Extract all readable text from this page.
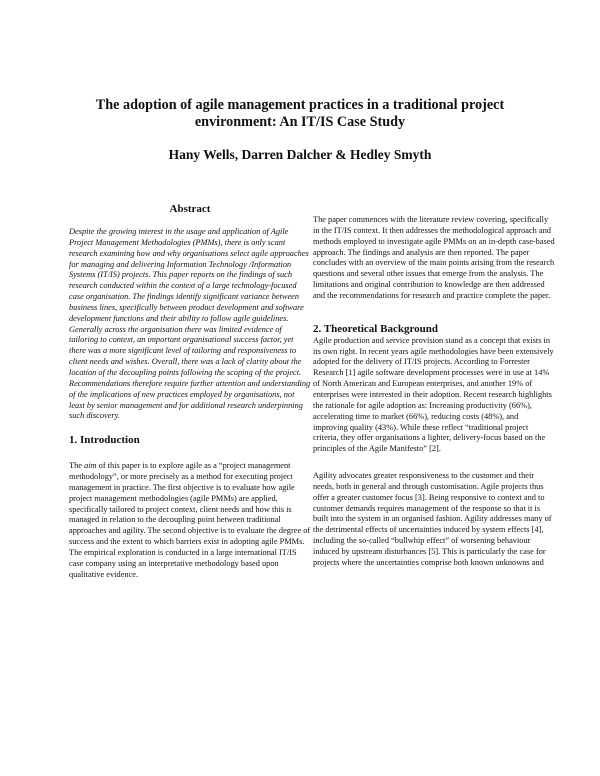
The adoption of agile management practices in a traditional project
environment: An IT/IS Case Study
Hany Wells, Darren Dalcher & Hedley Smyth
Abstract

Despite the growing interest in the usage and application of Agile Project Management Methodologies (PMMs), there is only scant research examining how and why organisations select agile approaches for managing and delivering Information Technology /Information Systems (IT/IS) projects. This paper reports on the findings of such research conducted within the context of a large technology-focused case organisation. The findings identify significant variance between business lines, specifically between product development and software development functions and their ability to follow agile guidelines. Generally across the organisation there was limited evidence of tailoring to context, an important organisational success factor, yet there was a more significant level of tailoring and responsiveness to client needs and wishes. Overall, there was a lack of clarity about the location of the decoupling points following the scoping of the project. Recommendations therefore require further attention and understanding of the implications of new practices employed by organisations, not least by senior management and for additional research underpinning such discovery.

1. Introduction

The aim of this paper is to explore agile as a “project management methodology”, or more precisely as a method for executing project management in practice. The first objective is to evaluate how agile project management methodologies (agile PMMs) are applied, specifically tailored to project context, client needs and how this is managed in relation to the decoupling point between traditional approaches and agility. The second objective is to evaluate the degree of success and the extent to which barriers exist in adopting agile PMMs. The empirical exploration is conducted in a large international IT/IS case company using an interpretative methodology based upon qualitative evidence.

The paper commences with the literature review covering, specifically in the IT/IS context. It then addresses the methodological approach and methods employed to investigate agile PMMs on an in-depth case-based approach. The findings and analysis are then reported. The paper concludes with an overview of the main points arising from the research questions and several other issues that emerge from the analysis. The limitations and original contribution to knowledge are then addressed and the recommendations for research and practice complete the paper.

2. Theoretical Background

Agile production and service provision stand as a concept that exists in its own right. In recent years agile methodologies have been extensively adopted for the delivery of IT/IS projects. According to Forrester Research [1] agile software development processes were in use at 14% of North American and European enterprises, and another 19% of enterprises were interested in their adoption. Recent research highlights the rationale for agile adoption as: Increasing productivity (66%), accelerating time to market (66%), reducing costs (48%), and improving quality (43%). While these reflect “traditional project criteria, they offer organisations a lighter, delivery-focus based on the principles of the Agile Manifesto” [2].

Agility advocates greater responsiveness to the customer and their needs, both in general and through customisation. Agile projects thus offer a greater customer focus [3]. Being responsive to context and to customer demands requires management of the response so that it is built into the system in an organised fashion. Agility addresses many of the detrimental effects of uncertainties induced by system effects [4], including the so-called “bullwhip effect” of worsening behaviour induced by upstream disturbances [5]. This is particularly the case for projects where the uncertainties comprise both known unknowns and
